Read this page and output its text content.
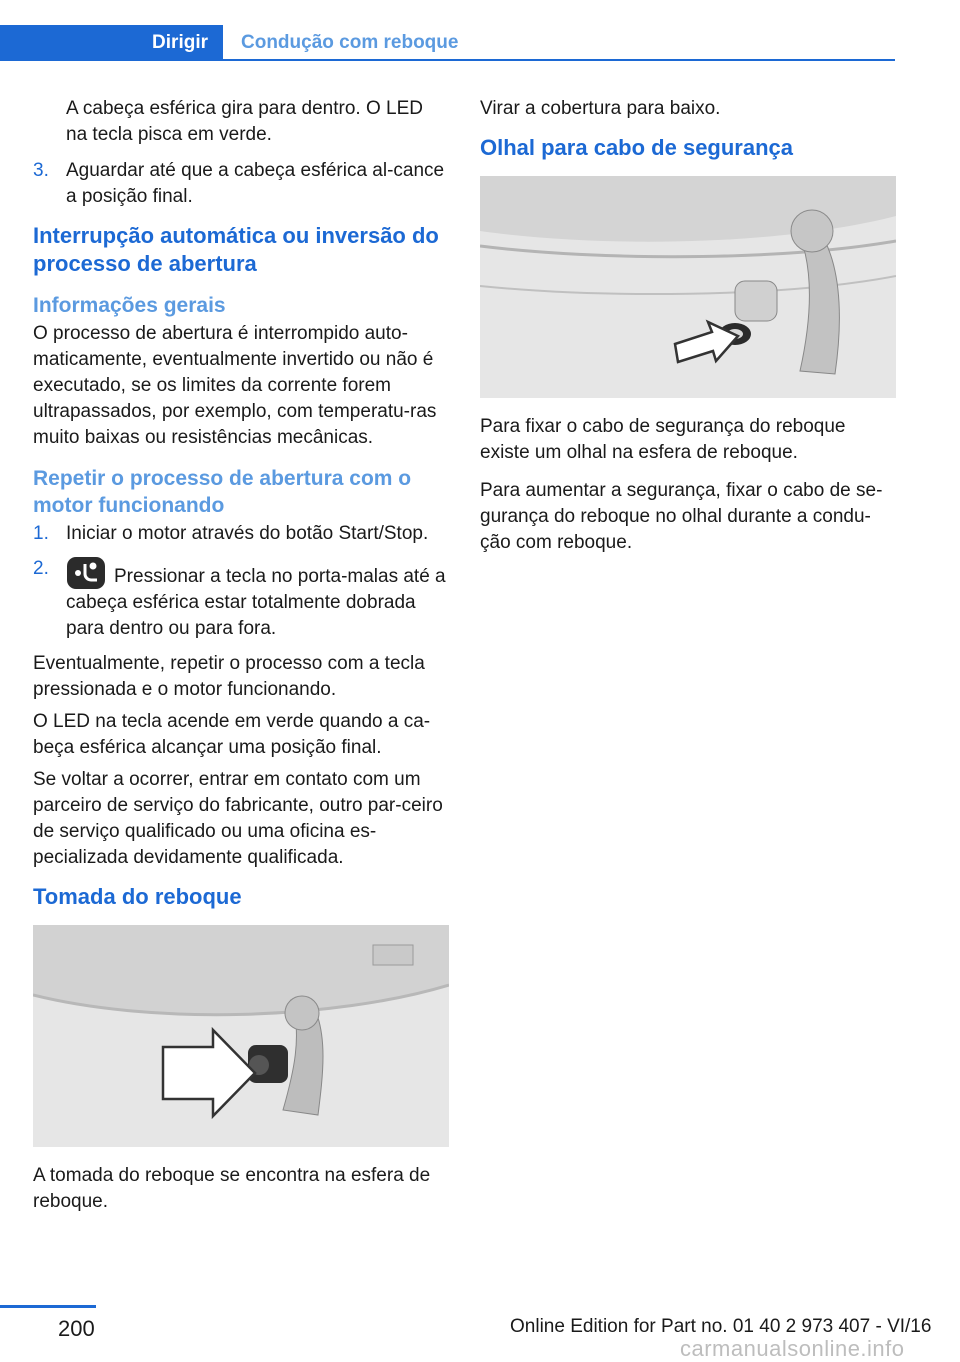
Dirigir	Condução com reboque

A cabeça esférica gira para dentro. O LED na tecla pisca em verde.

3. Aguardar até que a cabeça esférica al‐cance a posição final.
Interrupção automática ou inversão do processo de abertura
Informações gerais

O processo de abertura é interrompido auto‐maticamente, eventualmente invertido ou não é executado, se os limites da corrente forem ultrapassados, por exemplo, com temperatu‐ras muito baixas ou resistências mecânicas.

Repetir o processo de abertura com o motor funcionando
1. Iniciar o motor através do botão Start/Stop.
2.	Pressionar a tecla no porta-malas até a cabeça esférica estar totalmente dobrada para dentro ou para fora.

Eventualmente, repetir o processo com a tecla pressionada e o motor funcionando.

O LED na tecla acende em verde quando a ca‐beça esférica alcançar uma posição final.

Se voltar a ocorrer, entrar em contato com um parceiro de serviço do fabricante, outro par‐ceiro de serviço qualificado ou uma oficina es‐pecializada devidamente qualificada.

Tomada do reboque

A tomada do reboque se encontra na esfera de reboque.

Virar a cobertura para baixo.

Olhal para cabo de segurança

Para fixar o cabo de segurança do reboque existe um olhal na esfera de reboque.

Para aumentar a segurança, fixar o cabo de se‐gurança do reboque no olhal durante a condu‐ção com reboque.

200	Online Edition for Part no. 01 40 2 973 407 - VI/16
carmanualsonline.info
